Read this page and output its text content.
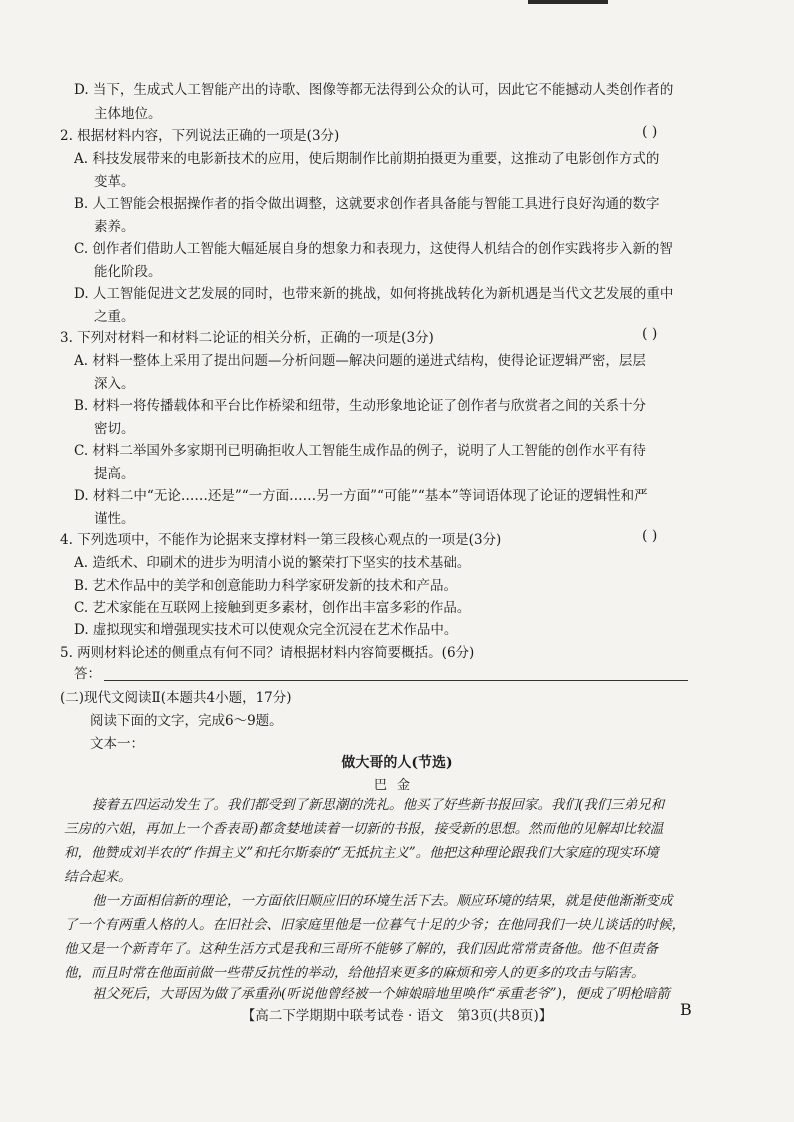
D. 当下，生成式人工智能产出的诗歌、图像等都无法得到公众的认可，因此它不能撼动人类创作者的
主体地位。
2. 根据材料内容，下列说法正确的一项是(3分)	( )
A. 科技发展带来的电影新技术的应用，使后期制作比前期拍摄更为重要，这推动了电影创作方式的
变革。
B. 人工智能会根据操作者的指令做出调整，这就要求创作者具备能与智能工具进行良好沟通的数字
素养。
C. 创作者们借助人工智能大幅延展自身的想象力和表现力，这使得人机结合的创作实践将步入新的智
能化阶段。
D. 人工智能促进文艺发展的同时，也带来新的挑战，如何将挑战转化为新机遇是当代文艺发展的重中
之重。
3. 下列对材料一和材料二论证的相关分析，正确的一项是(3分)	( )
A. 材料一整体上采用了提出问题—分析问题—解决问题的递进式结构，使得论证逻辑严密，层层
深入。
B. 材料一将传播载体和平台比作桥梁和纽带，生动形象地论证了创作者与欣赏者之间的关系十分
密切。
C. 材料二举国外多家期刊已明确拒收人工智能生成作品的例子，说明了人工智能的创作水平有待
提高。
D. 材料二中“无论……还是”“一方面……另一方面”“可能”“基本”等词语体现了论证的逻辑性和严
谨性。
4. 下列选项中，不能作为论据来支撑材料一第三段核心观点的一项是(3分)	( )
A. 造纸术、印刷术的进步为明清小说的繁荣打下坚实的技术基础。
B. 艺术作品中的美学和创意能助力科学家研发新的技术和产品。
C. 艺术家能在互联网上接触到更多素材，创作出丰富多彩的作品。
D. 虚拟现实和增强现实技术可以使观众完全沉浸在艺术作品中。
5. 两则材料论述的侧重点有何不同？请根据材料内容简要概括。(6分)
答：
(二)现代文阅读Ⅱ(本题共4小题，17分)
阅读下面的文字，完成6～9题。
文本一：
做大哥的人(节选)
巴金
接着五四运动发生了。我们都受到了新思潮的洗礼。他买了好些新书报回家。我们(我们三弟兄和
三房的六姐，再加上一个香表哥)都贪婪地读着一切新的书报，接受新的思想。然而他的见解却比较温
和，他赞成刘半农的“作揖主义”和托尔斯泰的“无抵抗主义”。他把这种理论跟我们大家庭的现实环境
结合起来。
他一方面相信新的理论，一方面依旧顺应旧的环境生活下去。顺应环境的结果，就是使他渐渐变成
了一个有两重人格的人。在旧社会、旧家庭里他是一位暮气十足的少爷；在他同我们一块儿谈话的时候，
他又是一个新青年了。这种生活方式是我和三哥所不能够了解的，我们因此常常责备他。他不但责备
他，而且时常在他面前做一些带反抗性的举动，给他招来更多的麻烦和旁人的更多的攻击与陷害。
祖父死后，大哥因为做了承重孙(听说他曾经被一个婶娘暗地里唤作“承重老爷”)，便成了明枪暗箭
【高二下学期期中联考试卷 · 语文　第3页(共8页)】	B
